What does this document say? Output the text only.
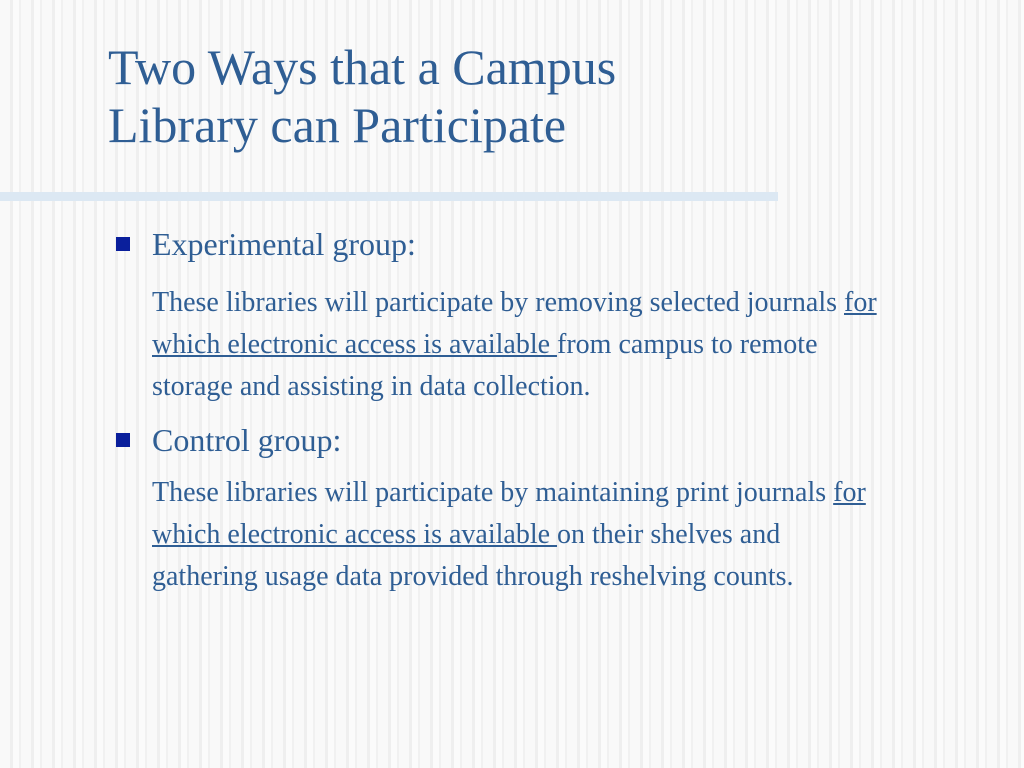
Two Ways that a Campus
Library can Participate
Experimental group:

These libraries will participate by removing selected journals for
which electronic access is available from campus to remote
storage and assisting in data collection.

Control group:

These libraries will participate by maintaining print journals for
which electronic access is available on their shelves and
gathering usage data provided through reshelving counts.
